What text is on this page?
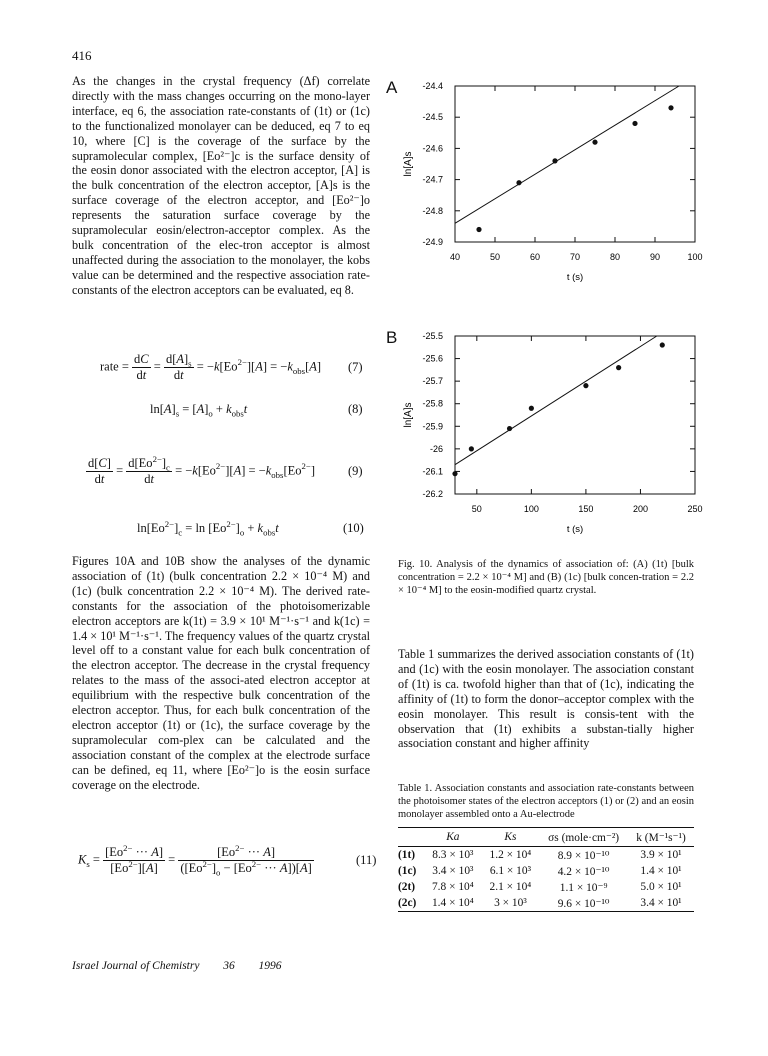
416

As the changes in the crystal frequency (Δf) correlate directly with the mass changes occurring on the mono-layer interface, eq 6, the association rate-constants of (1t) or (1c) to the functionalized monolayer can be deduced, eq 7 to eq 10, where [C] is the coverage of the surface by the supramolecular complex, [Eo²⁻]c is the surface density of the eosin donor associated with the electron acceptor, [A] is the bulk concentration of the electron acceptor, [A]s is the surface coverage of the electron acceptor, and [Eo²⁻]o represents the saturation surface coverage by the supramolecular eosin/electron-acceptor complex. As the bulk concentration of the elec-tron acceptor is almost unaffected during the association to the monolayer, the kobs value can be determined and the respective association rate-constants of the electron acceptors can be evaluated, eq 8.

rate = $\frac{dC}{dt} = \frac{d[A]_s}{dt} = -k[Eo^{2-}][A] = -k_{obs}[A]$ (7)
$\ln[A]_s = [A]_o + k_{obs}t$	(8)
$\frac{d[C]}{dt} = \frac{d[Eo^{2-}]_c}{dt} = -k[Eo^{2-}][A] = -k_{obs}[Eo^{2-}]$	(9)
$\ln[Eo^{2-}]_c = \ln [Eo^{2-}]_o + k_{obs}t$	(10)

Figures 10A and 10B show the analyses of the dynamic association of (1t) (bulk concentration 2.2 × 10⁻⁴ M) and (1c) (bulk concentration 2.2 × 10⁻⁴ M). The derived rate-constants for the association of the photoisomerizable electron acceptors are k(1t) = 3.9 × 10¹ M⁻¹·s⁻¹ and k(1c) = 1.4 × 10¹ M⁻¹·s⁻¹. The frequency values of the quartz crystal level off to a constant value for each bulk concentration of the electron acceptor. The decrease in the crystal frequency relates to the mass of the associ-ated electron acceptor at equilibrium with the respective bulk concentration of the electron acceptor. Thus, for each bulk concentration of the electron acceptor (1t) or (1c), the surface coverage by the supramolecular com-plex can be calculated and the association constant of the complex at the electrode surface can be defined, eq 11, where [Eo²⁻]o is the eosin surface coverage on the electrode.

$K_s = \frac{[Eo^{2-} \cdot\cdot\cdot A]}{[Eo^{2-}][A]} = \frac{[Eo^{2-} \cdot\cdot\cdot A]}{([Eo^{2-}]_o - [Eo^{2-} \cdot\cdot\cdot A])[A]}$	(11)
A	-24.4
-24.5
-24.6
-24.7
-24.8
-24.9
40	50	60	70	80	90	100
t (s)
ln[A]s
B	-25.5
-25.6
-25.7
-25.8
-25.9
-26
-26.1
-26.2
50	100	150	200	250
t (s)
ln[A]s
Fig. 10. Analysis of the dynamics of association of: (A) (1t) [bulk concentration = 2.2 × 10⁻⁴ M] and (B) (1c) [bulk concen-tration = 2.2 × 10⁻⁴ M] to the eosin-modified quartz crystal.

Table 1 summarizes the derived association constants of (1t) and (1c) with the eosin monolayer. The association constant of (1t) is ca. twofold higher than that of (1c), indicating the affinity of (1t) to form the donor–acceptor complex with the eosin monolayer. This result is consis-tent with the observation that (1t) exhibits a substan-tially higher association constant and higher affinity

Table 1. Association constants and association rate-constants between the photoisomer states of the electron acceptors (1) or (2) and an eosin monolayer assembled onto a Au-electrode
	Ka	Ks	σs (mole·cm⁻²)	k (M⁻¹s⁻¹)
(1t)	8.3 × 10³	1.2 × 10⁴	8.9 × 10⁻¹⁰	3.9 × 10¹
(1c)	3.4 × 10³	6.1 × 10³	4.2 × 10⁻¹⁰	1.4 × 10¹
(2t)	7.8 × 10⁴	2.1 × 10⁴	1.1 × 10⁻⁹	5.0 × 10¹
(2c)	1.4 × 10⁴	3 × 10³	9.6 × 10⁻¹⁰	3.4 × 10¹
Israel Journal of Chemistry 36 1996
